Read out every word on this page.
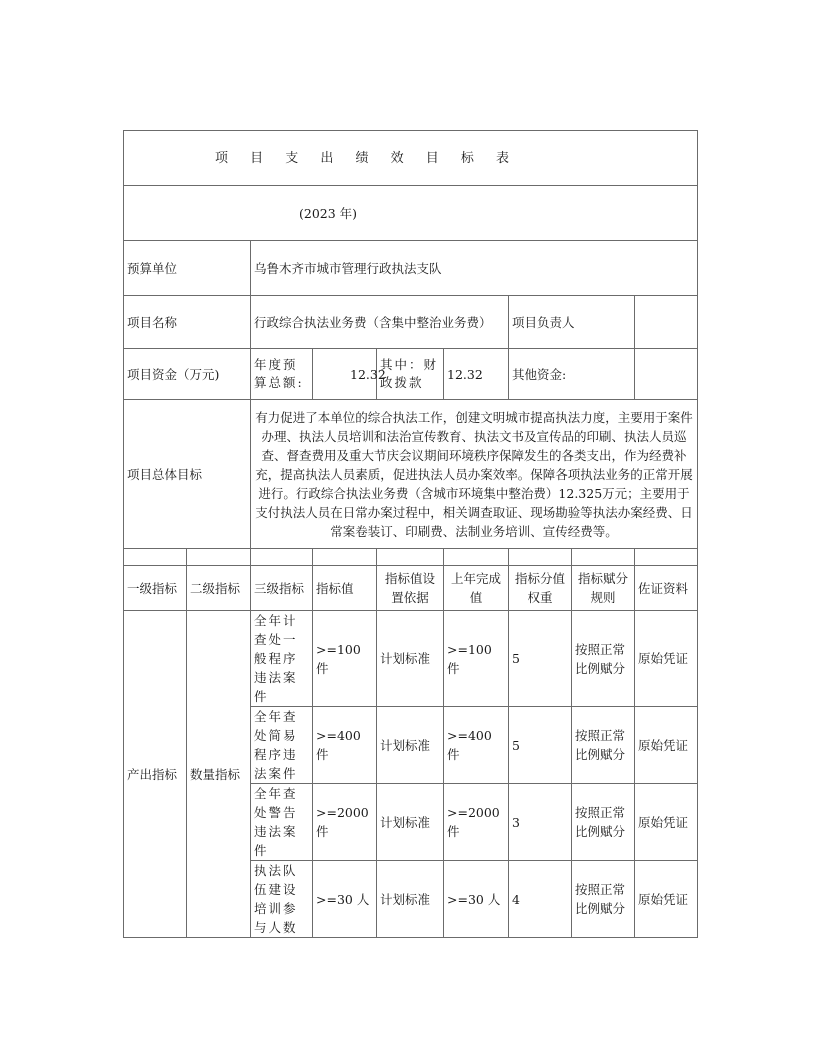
项 目 支 出 绩 效 目 标 表								

(2023 年)								

预算单位		乌鲁木齐市城市管理行政执法支队						
项目名称		行政综合执法业务费（含集中整治业务费）				项目负责人		
项目资金（万元)		年度预算总额:	12.32	其中：财政拨款	12.32	其他资金:		
项目总体目标		有力促进了本单位的综合执法工作，创建文明城市提高执法力度，主要用于案件办理、执法人员培训和法治宣传教育、执法文书及宣传品的印刷、执法人员巡查、督查费用及重大节庆会议期间环境秩序保障发生的各类支出，作为经费补充，提高执法人员素质，促进执法人员办案效率。保障各项执法业务的正常开展进行。行政综合执法业务费（含城市环境集中整治费）12.325万元；主要用于支付执法人员在日常办案过程中，相关调查取证、现场勘验等执法办案经费、日常案卷装订、印刷费、法制业务培训、宣传经费等。						

一级指标	二级指标	三级指标	指标值	指标值设置依据	上年完成值	指标分值权重	指标赋分规则	佐证资料
产出指标	数量指标	全年计查处一般程序违法案件	>=100 件	计划标准	>=100 件	5	按照正常比例赋分	原始凭证
		全年查处简易程序违法案件	>=400 件	计划标准	>=400 件	5	按照正常比例赋分	原始凭证
		全年查处警告违法案件	>=2000 件	计划标准	>=2000 件	3	按照正常比例赋分	原始凭证
		执法队伍建设培训参与人数	>=30 人	计划标准	>=30 人	4	按照正常比例赋分	原始凭证
